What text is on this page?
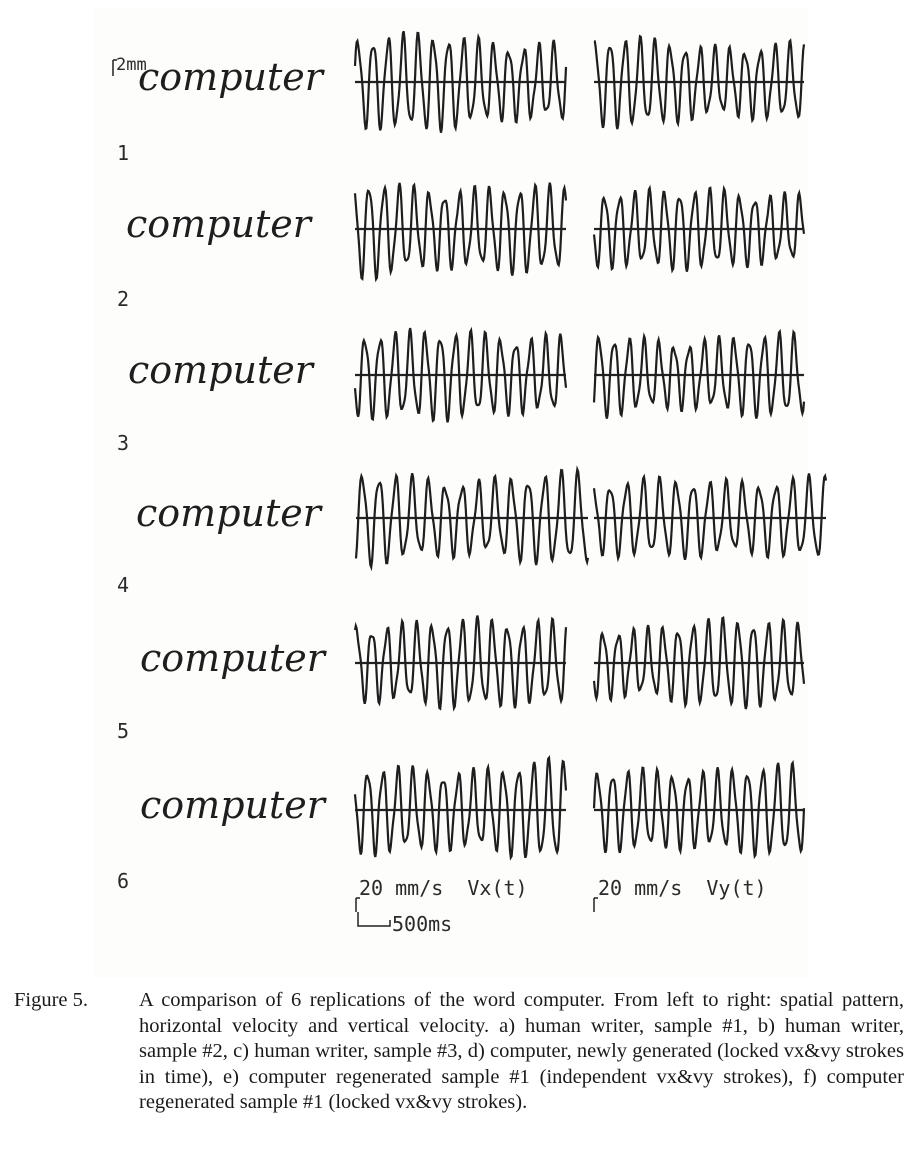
2mm
computer
1
computer
2
computer
3
computer
4
computer
5
computer
6	20 mm/s  Vx(t)	20 mm/s  Vy(t)
500ms
Figure 5.	A comparison of 6 replications of the word computer. From left to right: spatial pattern, horizontal velocity and vertical velocity. a) human writer, sample #1, b) human writer, sample #2, c) human writer, sample #3, d) computer, newly generated (locked vx&vy strokes in time), e) computer regenerated sample #1 (independent vx&vy strokes), f) computer regenerated sample #1 (locked vx&vy strokes).
